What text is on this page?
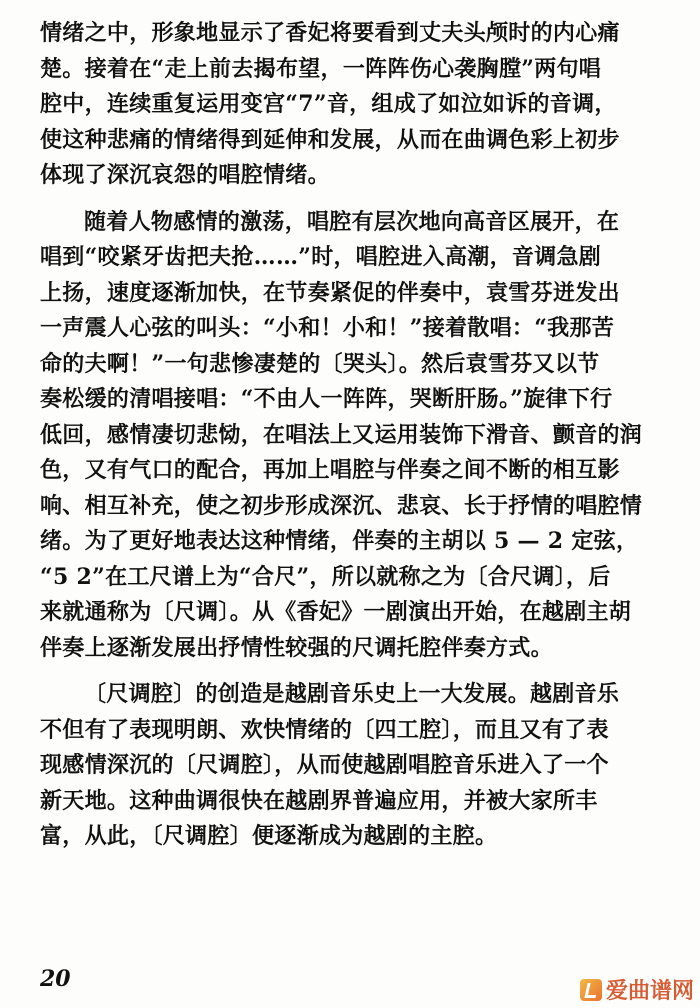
情绪之中，形象地显示了香妃将要看到丈夫头颅时的内心痛
楚。接着在“走上前去揭布望，一阵阵伤心袭胸膛”两句唱
腔中，连续重复运用变宫“7”音，组成了如泣如诉的音调，
使这种悲痛的情绪得到延伸和发展，从而在曲调色彩上初步
体现了深沉哀怨的唱腔情绪。

随着人物感情的激荡，唱腔有层次地向高音区展开，在
唱到“咬紧牙齿把夫抢……”时，唱腔进入高潮，音调急剧
上扬，速度逐渐加快，在节奏紧促的伴奏中，袁雪芬迸发出
一声震人心弦的叫头：“小和！小和！”接着散唱：“我那苦
命的夫啊！”一句悲惨凄楚的〔哭头〕。然后袁雪芬又以节
奏松缓的清唱接唱：“不由人一阵阵，哭断肝肠。”旋律下行
低回，感情凄切悲恸，在唱法上又运用装饰下滑音、颤音的润
色，又有气口的配合，再加上唱腔与伴奏之间不断的相互影
响、相互补充，使之初步形成深沉、悲哀、长于抒情的唱腔情
绪。为了更好地表达这种情绪，伴奏的主胡以 5 — 2 定弦，
“5 2”在工尺谱上为“合尺”，所以就称之为〔合尺调〕，后
来就通称为〔尺调〕。从《香妃》一剧演出开始，在越剧主胡
伴奏上逐渐发展出抒情性较强的尺调托腔伴奏方式。

〔尺调腔〕的创造是越剧音乐史上一大发展。越剧音乐
不但有了表现明朗、欢快情绪的〔四工腔〕，而且又有了表
现感情深沉的〔尺调腔〕，从而使越剧唱腔音乐进入了一个
新天地。这种曲调很快在越剧界普遍应用，并被大家所丰
富，从此，〔尺调腔〕便逐渐成为越剧的主腔。

20	爱曲谱网
